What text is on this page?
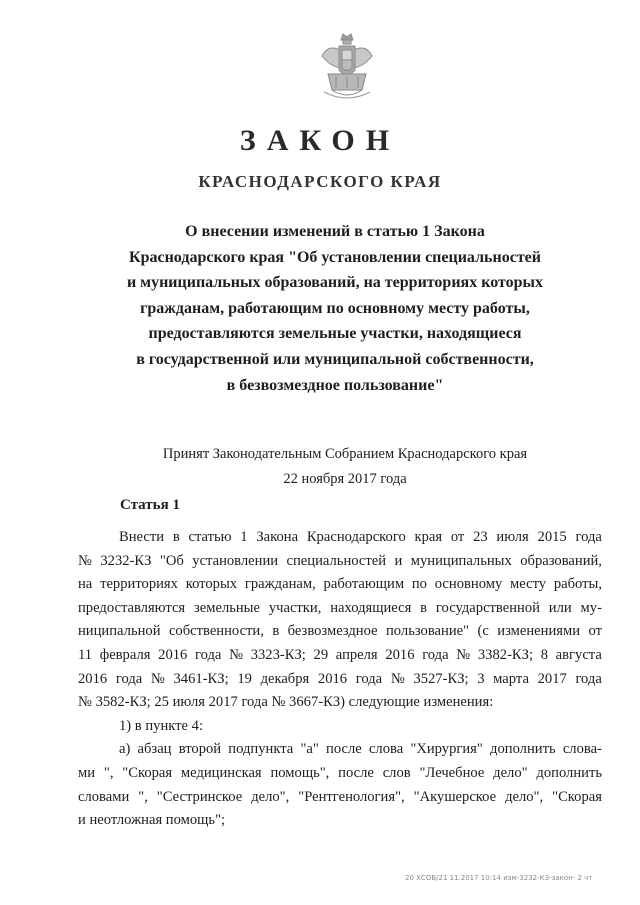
ЗАКОН
КРАСНОДАРСКОГО КРАЯ
О внесении изменений в статью 1 Закона
Краснодарского края "Об установлении специальностей
и муниципальных образований, на территориях которых
гражданам, работающим по основному месту работы,
предоставляются земельные участки, находящиеся
в государственной или муниципальной собственности,
в безвозмездное пользование"
Принят Законодательным Собранием Краснодарского края
22 ноября 2017 года
Статья 1
Внести в статью 1 Закона Краснодарского края от 23 июля 2015 года
№ 3232-КЗ "Об установлении специальностей и муниципальных образований,
на территориях которых гражданам, работающим по основному месту работы,
предоставляются земельные участки, находящиеся в государственной или му-
ниципальной собственности, в безвозмездное пользование" (с изменениями от
11 февраля 2016 года № 3323-КЗ; 29 апреля 2016 года № 3382-КЗ; 8 августа
2016 года № 3461-КЗ; 19 декабря 2016 года № 3527-КЗ; 3 марта 2017 года
№ 3582-КЗ; 25 июля 2017 года № 3667-КЗ) следующие изменения:
1) в пункте 4:
а) абзац второй подпункта "а" после слова "Хирургия" дополнить слова-
ми ", "Скорая медицинская помощь", после слов "Лечебное дело" дополнить
словами ", "Сестринское дело", "Рентгенология", "Акушерское дело", "Скорая
и неотложная помощь";
20 ХСОВ/21 11.2017 10:14 изм-3232-КЗ-закон- 2 чт
